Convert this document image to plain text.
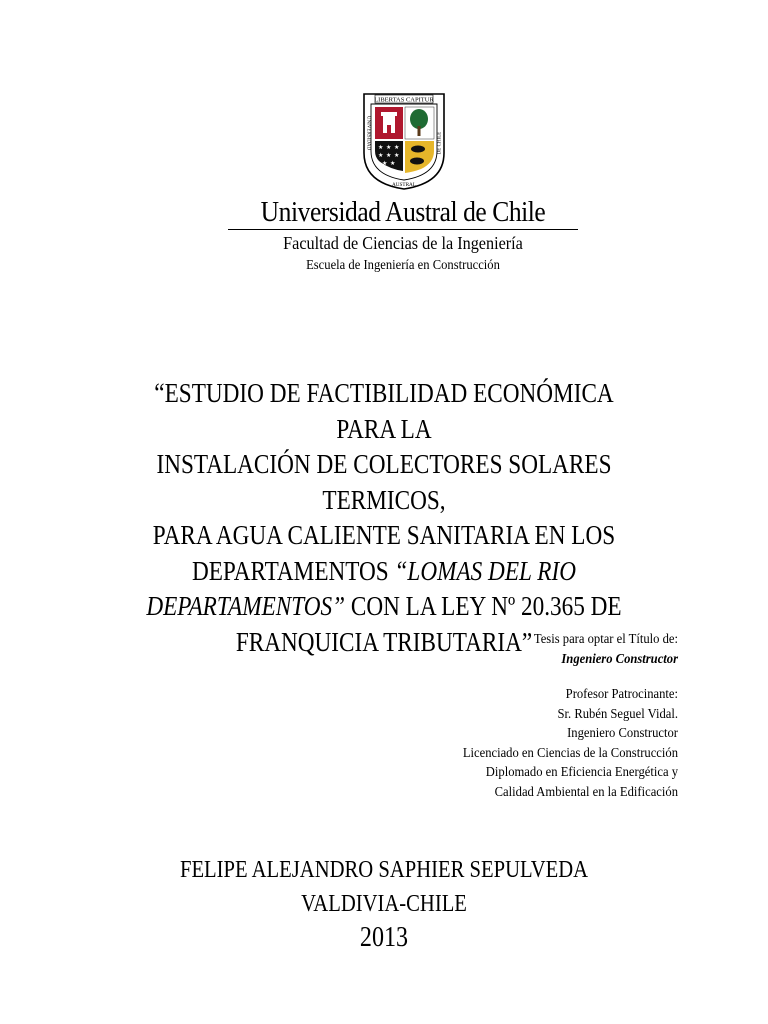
LIBERTAS CAPITUR
UNIVERSIDAD	DE CHILE
AUSTRAL
★ ★ ★
★ ★ ★
★ ★
Universidad Austral de Chile
Facultad de Ciencias de la Ingeniería
Escuela de Ingeniería en Construcción
“ESTUDIO DE FACTIBILIDAD ECONÓMICA PARA LA
INSTALACIÓN DE COLECTORES SOLARES TERMICOS,
PARA AGUA CALIENTE SANITARIA EN LOS
DEPARTAMENTOS “LOMAS DEL RIO
DEPARTAMENTOS” CON LA LEY Nº 20.365 DE
FRANQUICIA TRIBUTARIA” Tesis para optar el Título de:
Ingeniero Constructor
Profesor Patrocinante:
Sr. Rubén Seguel Vidal.
Ingeniero Constructor
Licenciado en Ciencias de la Construcción
Diplomado en Eficiencia Energética y
Calidad Ambiental en la Edificación
FELIPE ALEJANDRO SAPHIER SEPULVEDA
VALDIVIA-CHILE
2013
